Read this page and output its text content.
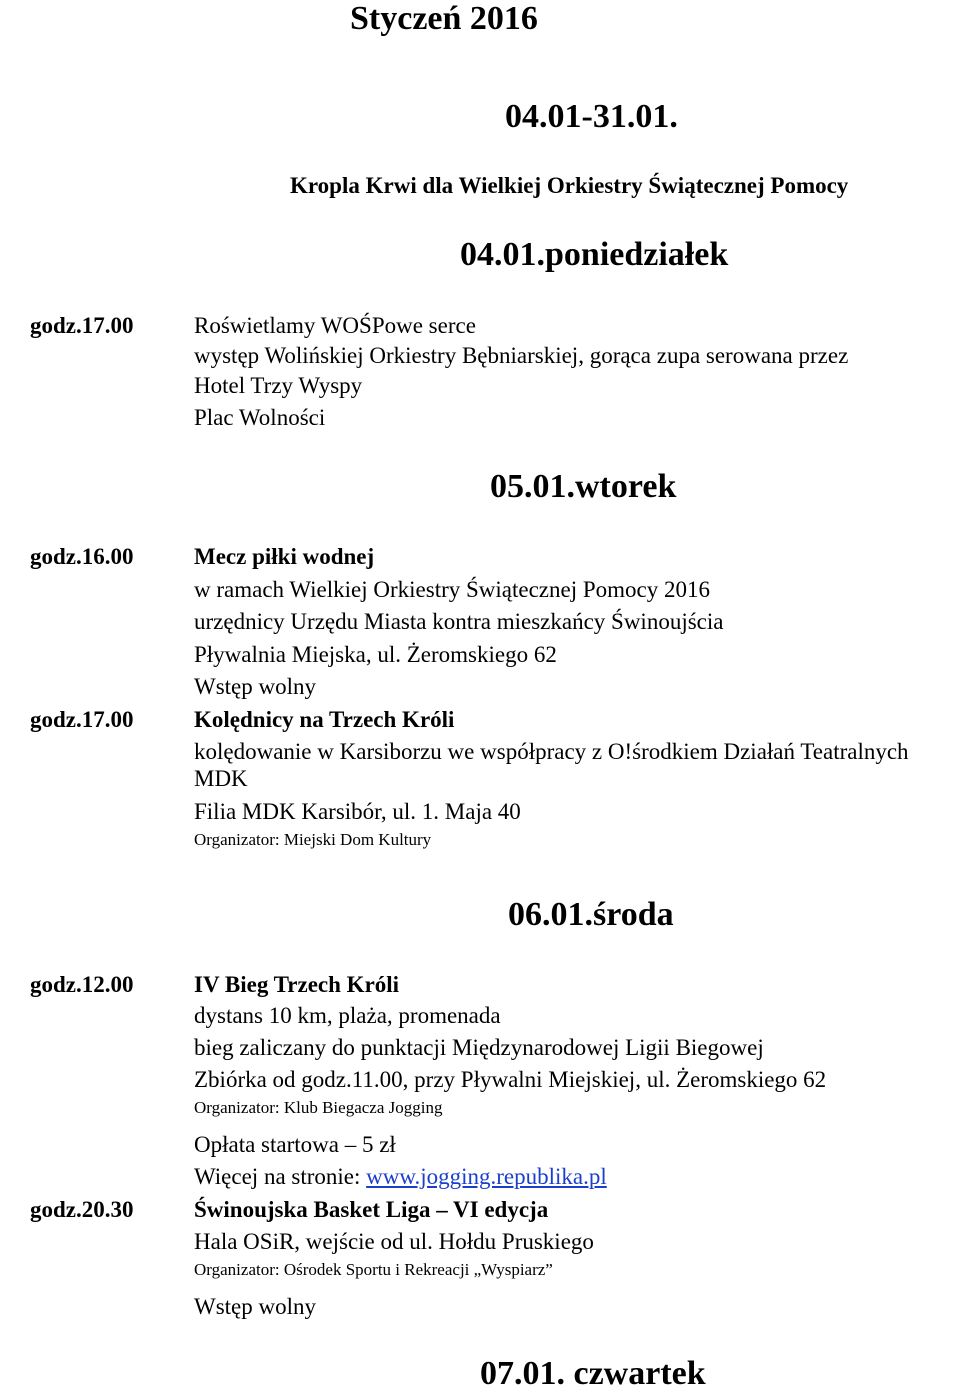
Styczeń 2016
04.01-31.01.
Kropla Krwi dla Wielkiej Orkiestry Świątecznej Pomocy
04.01.poniedziałek
godz.17.00	Roświetlamy WOŚPowe serce
występ Wolińskiej Orkiestry Bębniarskiej, gorąca zupa serowana przez
Hotel Trzy Wyspy
Plac Wolności
05.01.wtorek
godz.16.00	Mecz piłki wodnej
w ramach Wielkiej Orkiestry Świątecznej Pomocy 2016
urzędnicy Urzędu Miasta kontra mieszkańcy Świnoujścia
Pływalnia Miejska, ul. Żeromskiego 62
Wstęp wolny
godz.17.00	Kolędnicy na Trzech Króli
kolędowanie w Karsiborzu we współpracy z O!środkiem Działań Teatralnych
MDK
Filia MDK Karsibór, ul. 1. Maja 40
Organizator: Miejski Dom Kultury
06.01.środa
godz.12.00	IV Bieg Trzech Króli
dystans 10 km, plaża, promenada
bieg zaliczany do punktacji Międzynarodowej Ligii Biegowej
Zbiórka od godz.11.00, przy Pływalni Miejskiej, ul. Żeromskiego 62
Organizator: Klub Biegacza Jogging
Opłata startowa – 5 zł
Więcej na stronie: www.jogging.republika.pl
godz.20.30	Świnoujska Basket Liga – VI edycja
Hala OSiR, wejście od ul. Hołdu Pruskiego
Organizator: Ośrodek Sportu i Rekreacji „Wyspiarz”
Wstęp wolny
07.01. czwartek
